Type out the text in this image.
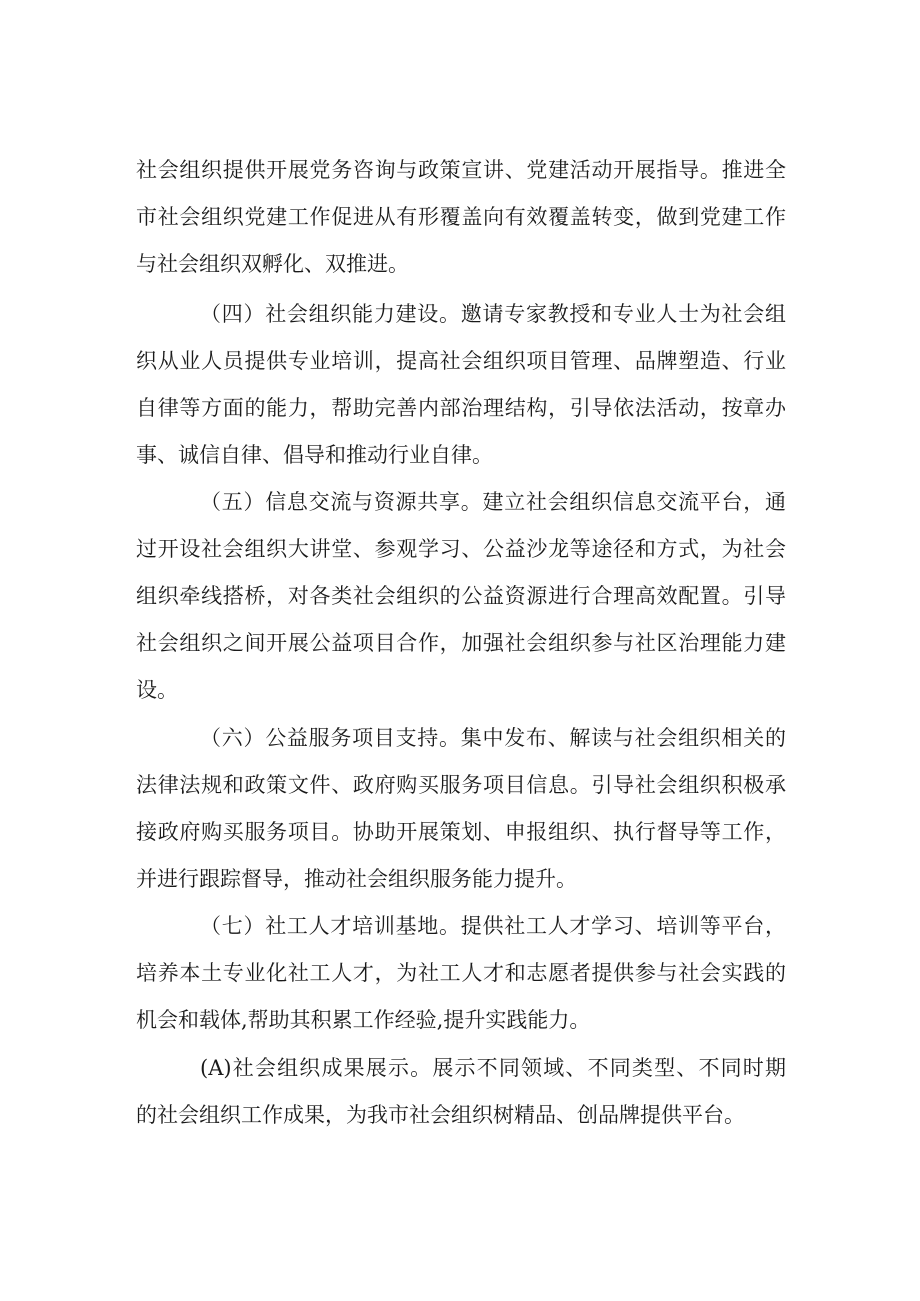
社会组织提供开展党务咨询与政策宣讲、党建活动开展指导。推进全
市社会组织党建工作促进从有形覆盖向有效覆盖转变，做到党建工作
与社会组织双孵化、双推进。
（四）社会组织能力建设。邀请专家教授和专业人士为社会组
织从业人员提供专业培训，提高社会组织项目管理、品牌塑造、行业
自律等方面的能力，帮助完善内部治理结构，引导依法活动，按章办
事、诚信自律、倡导和推动行业自律。
（五）信息交流与资源共享。建立社会组织信息交流平台，通
过开设社会组织大讲堂、参观学习、公益沙龙等途径和方式，为社会
组织牵线搭桥，对各类社会组织的公益资源进行合理高效配置。引导
社会组织之间开展公益项目合作，加强社会组织参与社区治理能力建
设。
（六）公益服务项目支持。集中发布、解读与社会组织相关的
法律法规和政策文件、政府购买服务项目信息。引导社会组织积极承
接政府购买服务项目。协助开展策划、申报组织、执行督导等工作，
并进行跟踪督导，推动社会组织服务能力提升。
（七）社工人才培训基地。提供社工人才学习、培训等平台，
培养本土专业化社工人才，为社工人才和志愿者提供参与社会实践的
机会和载体,帮助其积累工作经验,提升实践能力。
(A)社会组织成果展示。展示不同领域、不同类型、不同时期
的社会组织工作成果，为我市社会组织树精品、创品牌提供平台。
